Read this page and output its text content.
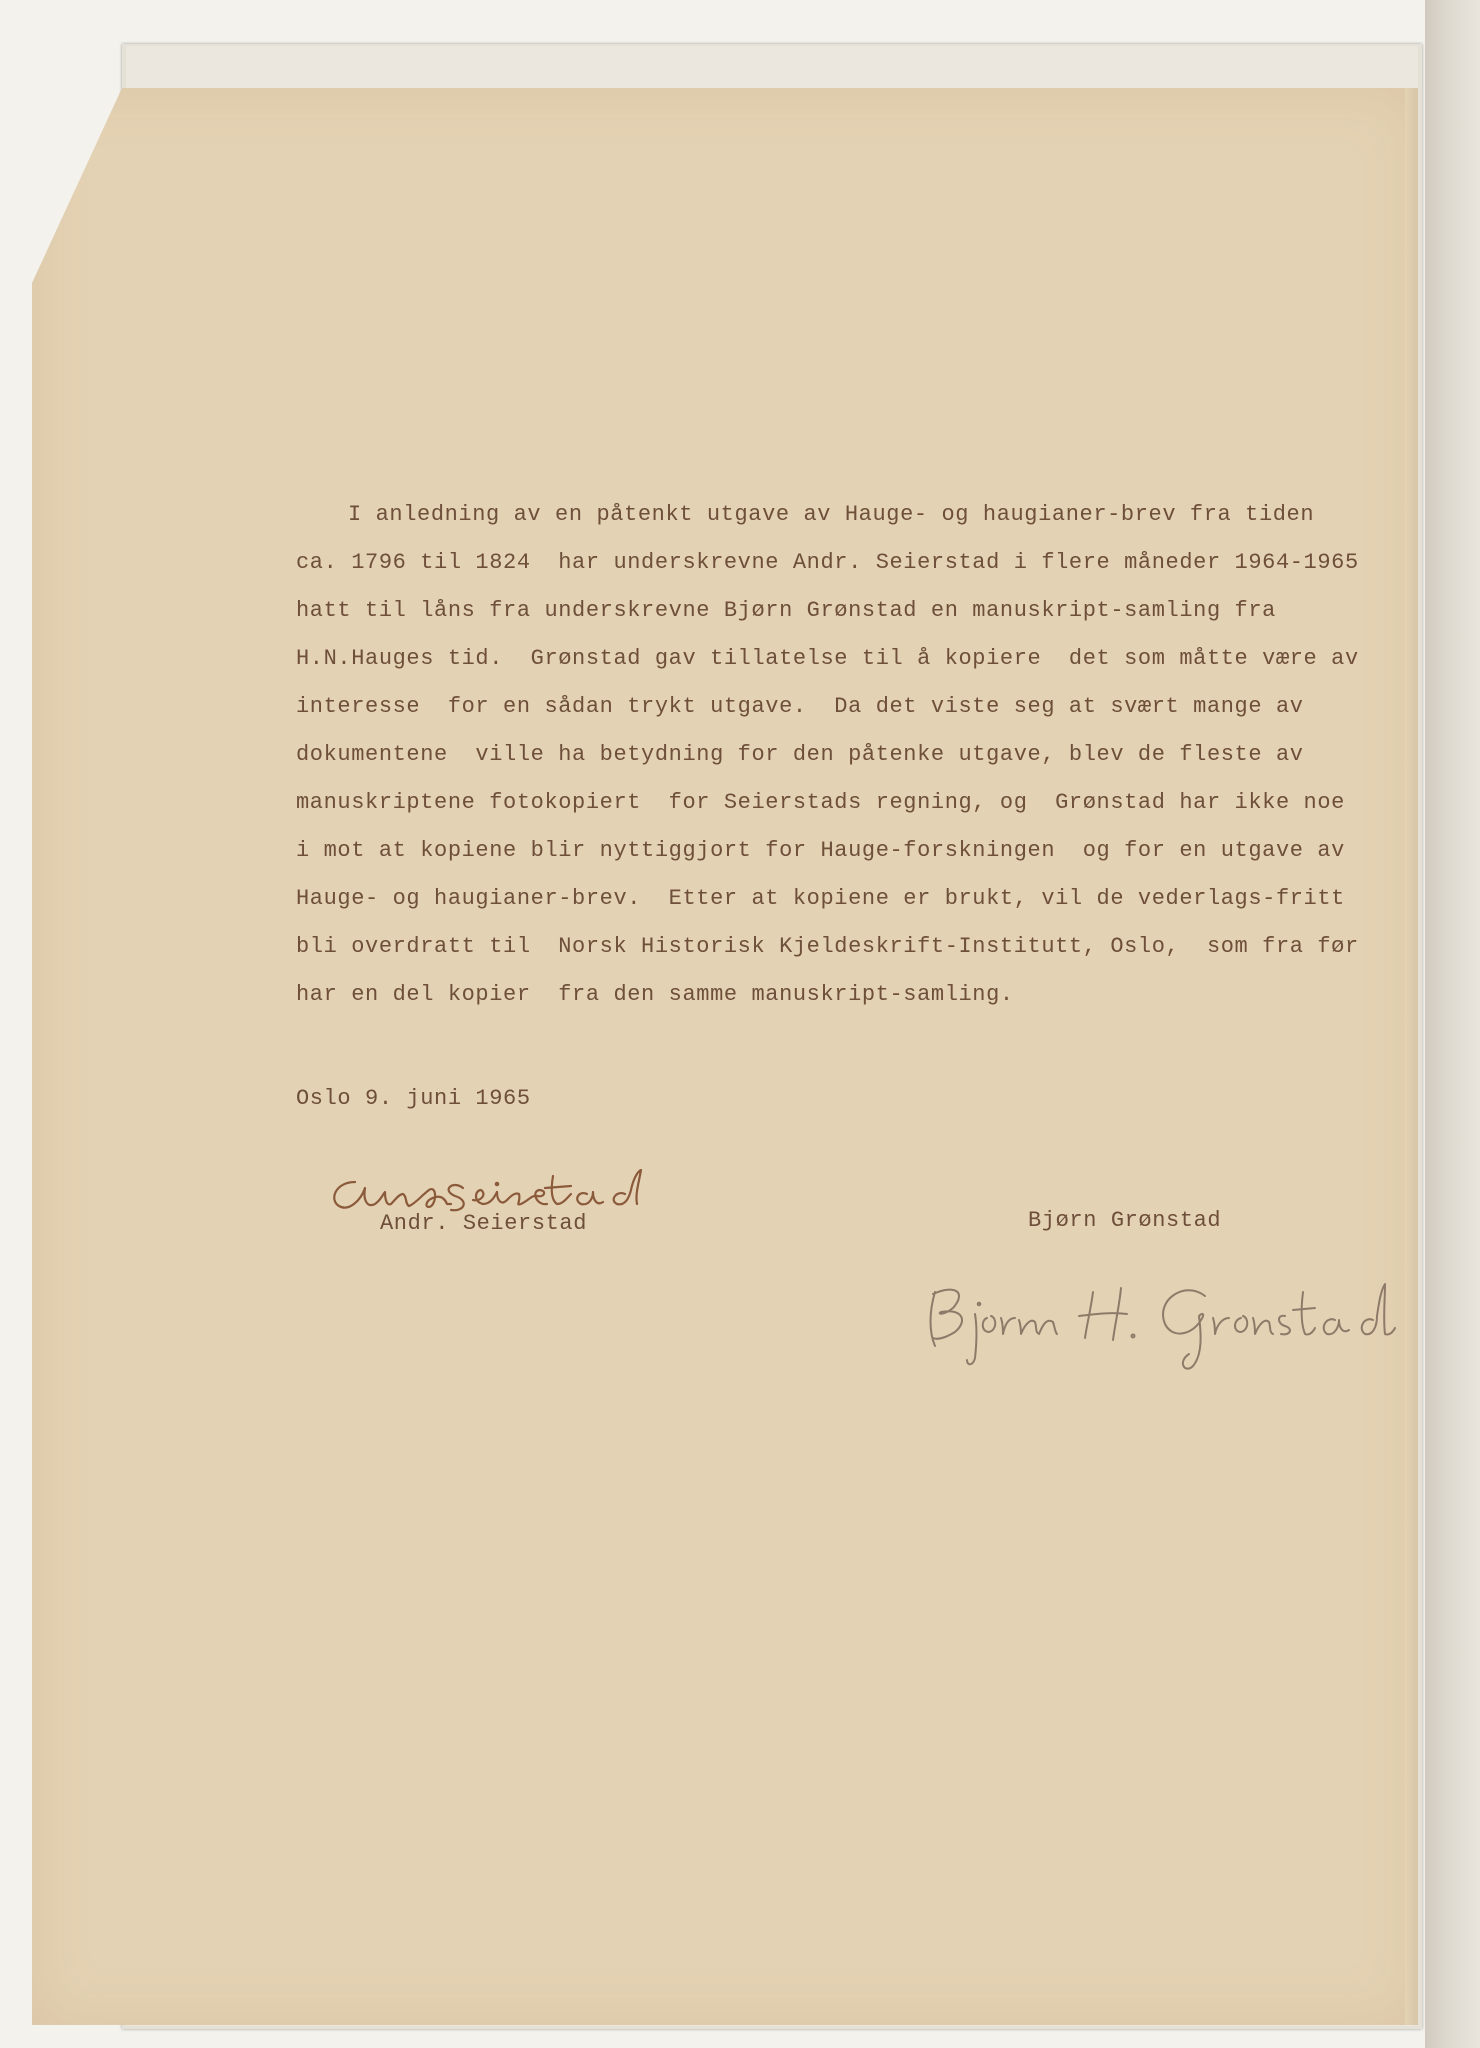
I anledning av en påtenkt utgave av Hauge- og haugianer-brev fra tiden
ca. 1796 til 1824  har underskrevne Andr. Seierstad i flere måneder 1964-1965
hatt til låns fra underskrevne Bjørn Grønstad en manuskript-samling fra
H.N.Hauges tid.  Grønstad gav tillatelse til å kopiere  det som måtte være av
interesse  for en sådan trykt utgave.  Da det viste seg at svært mange av
dokumentene  ville ha betydning for den påtenke utgave, blev de fleste av
manuskriptene fotokopiert  for Seierstads regning, og  Grønstad har ikke noe
i mot at kopiene blir nyttiggjort for Hauge-forskningen  og for en utgave av
Hauge- og haugianer-brev.  Etter at kopiene er brukt, vil de vederlags-fritt
bli overdratt til  Norsk Historisk Kjeldeskrift-Institutt, Oslo,  som fra før
har en del kopier  fra den samme manuskript-samling.
Oslo 9. juni 1965
Andr. Seierstad	Bjørn Grønstad
